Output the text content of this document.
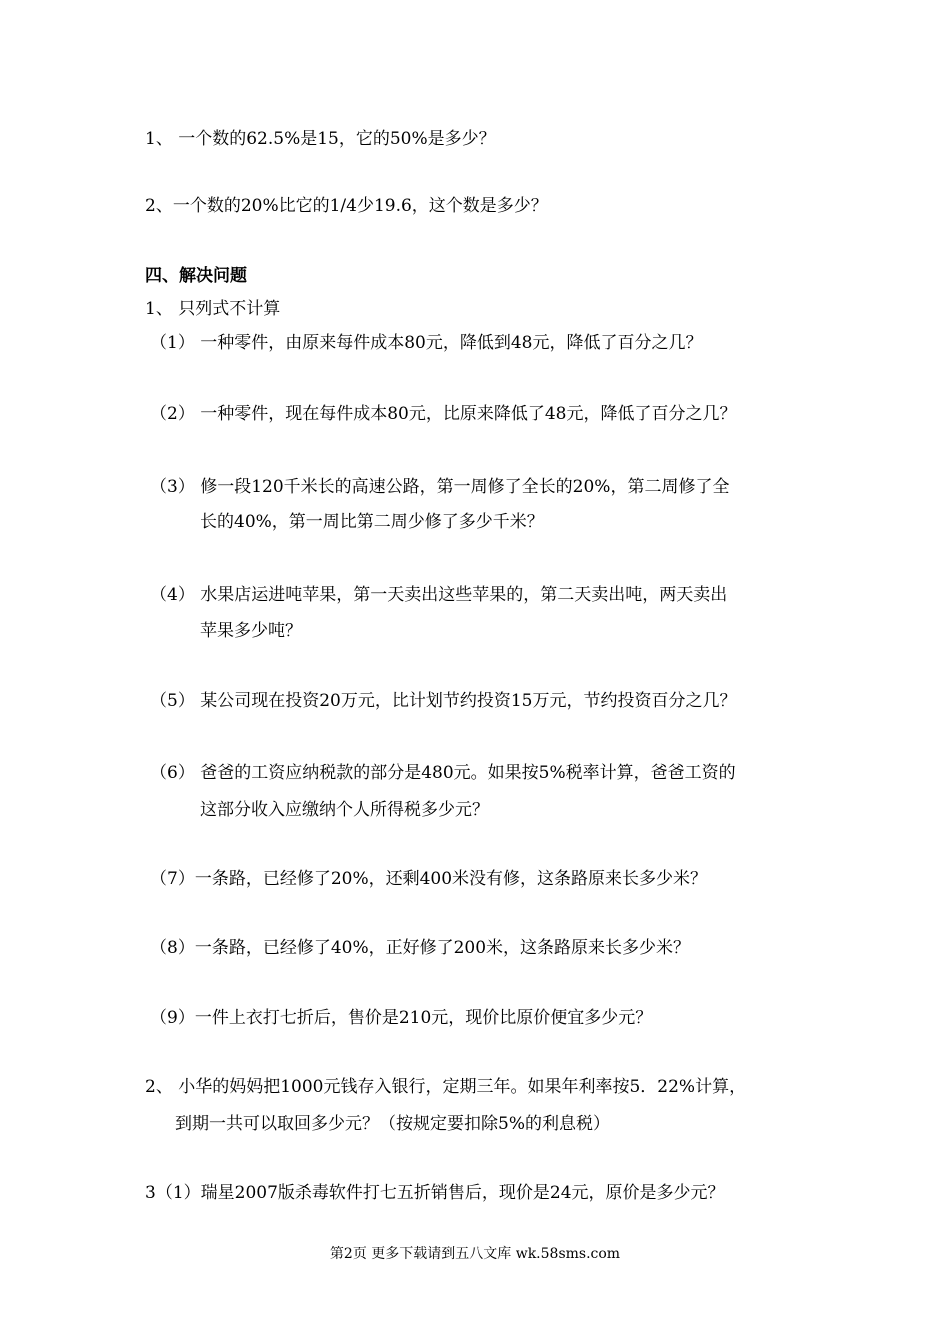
1、 一个数的62.5%是15，它的50%是多少？
2、一个数的20%比它的1/4少19.6，这个数是多少？
四、解决问题
1、 只列式不计算
（1） 一种零件，由原来每件成本80元，降低到48元，降低了百分之几？
（2） 一种零件，现在每件成本80元，比原来降低了48元，降低了百分之几？
（3） 修一段120千米长的高速公路，第一周修了全长的20%，第二周修了全
长的40%，第一周比第二周少修了多少千米？
（4） 水果店运进吨苹果，第一天卖出这些苹果的，第二天卖出吨，两天卖出
苹果多少吨？
（5） 某公司现在投资20万元，比计划节约投资15万元，节约投资百分之几？
（6） 爸爸的工资应纳税款的部分是480元。如果按5%税率计算，爸爸工资的
这部分收入应缴纳个人所得税多少元？
（7）一条路，已经修了20%，还剩400米没有修，这条路原来长多少米？
（8）一条路，已经修了40%，正好修了200米，这条路原来长多少米？
（9）一件上衣打七折后，售价是210元，现价比原价便宜多少元？
2、 小华的妈妈把1000元钱存入银行，定期三年。如果年利率按5．22%计算，
到期一共可以取回多少元？（按规定要扣除5%的利息税）
3（1）瑞星2007版杀毒软件打七五折销售后，现价是24元，原价是多少元？
第2页 更多下载请到五八文库 wk.58sms.com
